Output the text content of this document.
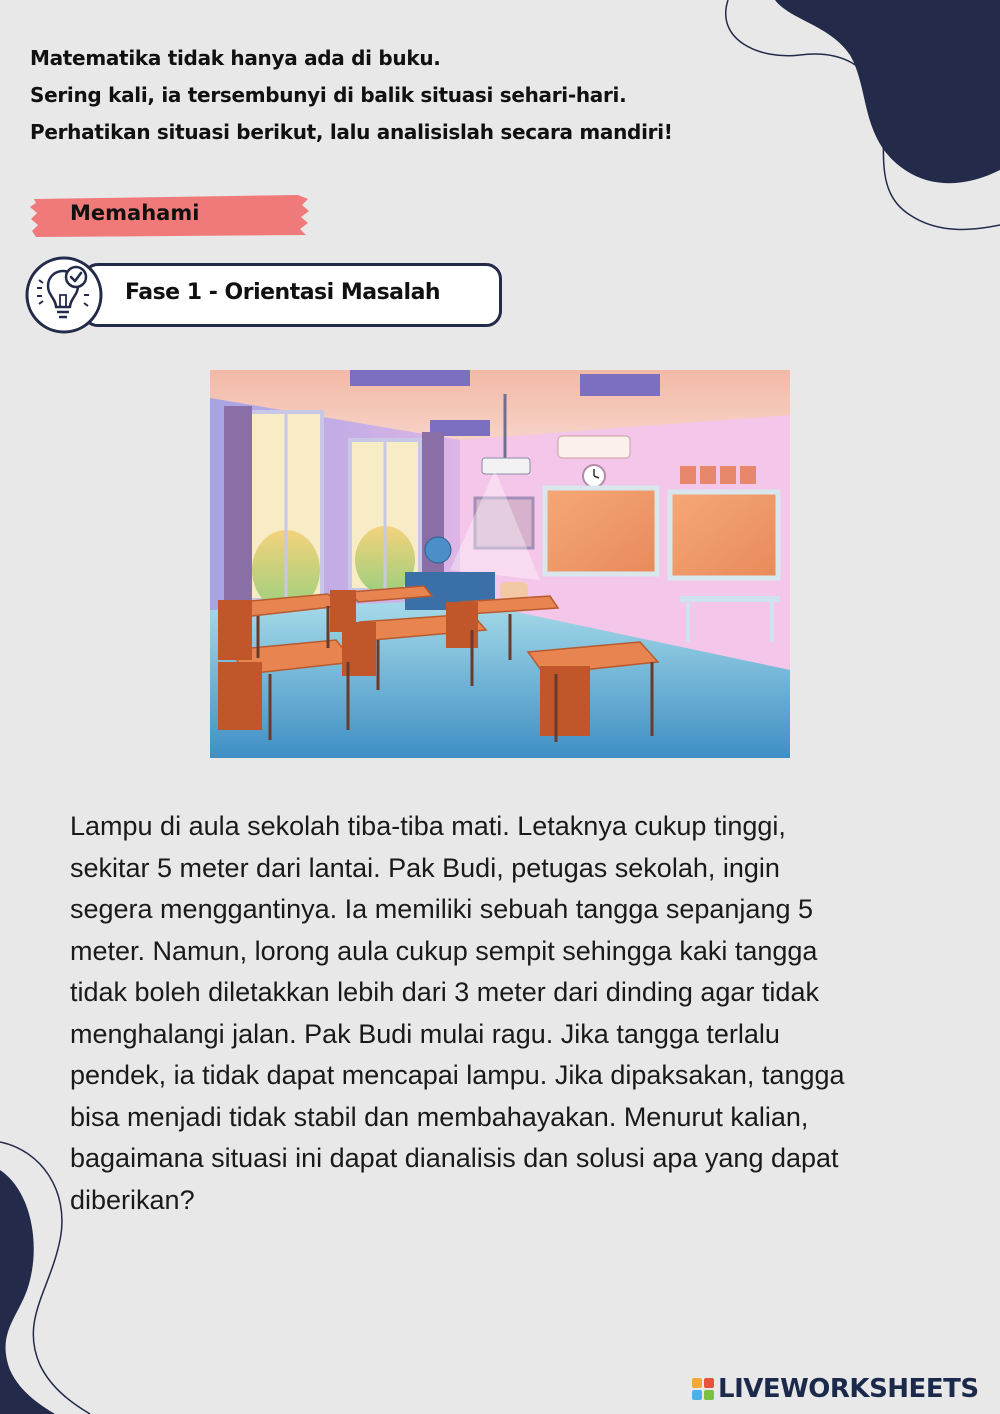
Matematika tidak hanya ada di buku.
Sering kali, ia tersembunyi di balik situasi sehari-hari.
Perhatikan situasi berikut, lalu analisislah secara mandiri!
Memahami
Fase 1 - Orientasi Masalah
Lampu di aula sekolah tiba-tiba mati. Letaknya cukup tinggi,
sekitar 5 meter dari lantai. Pak Budi, petugas sekolah, ingin
segera menggantinya. Ia memiliki sebuah tangga sepanjang 5
meter. Namun, lorong aula cukup sempit sehingga kaki tangga
tidak boleh diletakkan lebih dari 3 meter dari dinding agar tidak
menghalangi jalan. Pak Budi mulai ragu. Jika tangga terlalu
pendek, ia tidak dapat mencapai lampu. Jika dipaksakan, tangga
bisa menjadi tidak stabil dan membahayakan. Menurut kalian,
bagaimana situasi ini dapat dianalisis dan solusi apa yang dapat
diberikan?
LIVEWORKSHEETS
